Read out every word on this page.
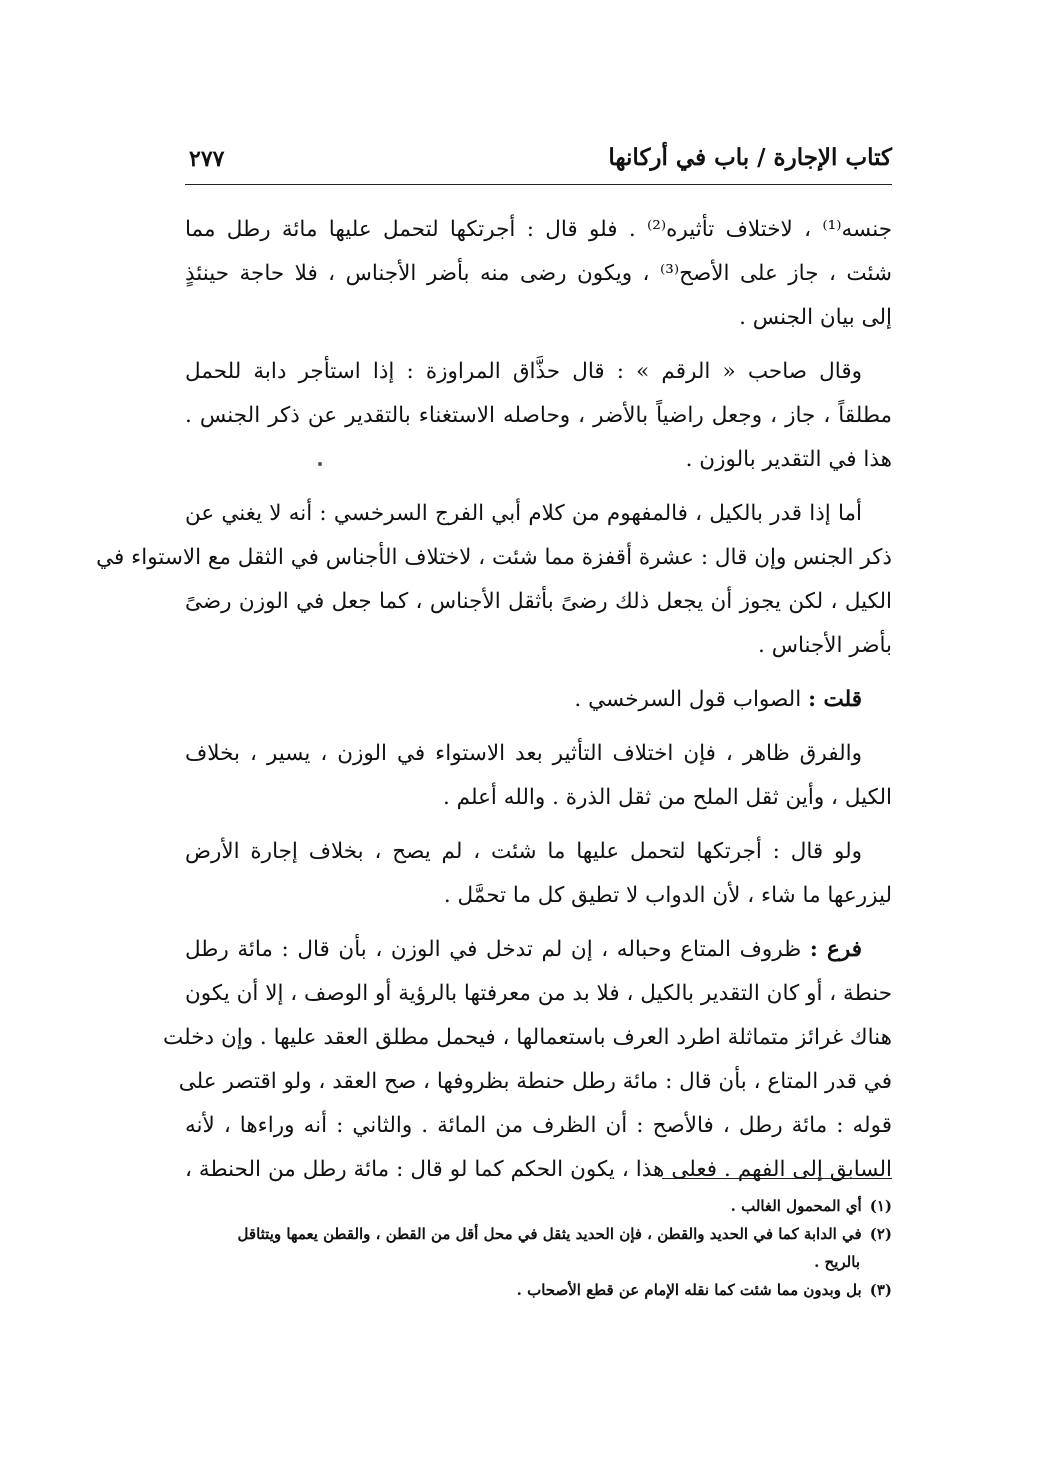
كتاب الإجارة / باب في أركانها
٢٧٧

جنسه⁽¹⁾ ، لاختلاف تأثيره⁽²⁾ . فلو قال : أجرتكها لتحمل عليها مائة رطل مما
شئت ، جاز على الأصح⁽³⁾ ، ويكون رضى منه بأضر الأجناس ، فلا حاجة حينئذٍ
إلى بيان الجنس .

وقال صاحب « الرقم » : قال حذَّاق المراوزة : إذا استأجر دابة للحمل
مطلقاً ، جاز ، وجعل راضياً بالأضر ، وحاصله الاستغناء بالتقدير عن ذكر الجنس .
هذا في التقدير بالوزن .

أما إذا قدر بالكيل ، فالمفهوم من كلام أبي الفرج السرخسي : أنه لا يغني عن
ذكر الجنس وإن قال : عشرة أقفزة مما شئت ، لاختلاف الأجناس في الثقل مع الاستواء في
الكيل ، لكن يجوز أن يجعل ذلك رضىً بأثقل الأجناس ، كما جعل في الوزن رضىً
بأضر الأجناس .

قلت : الصواب قول السرخسي .

والفرق ظاهر ، فإن اختلاف التأثير بعد الاستواء في الوزن ، يسير ، بخلاف
الكيل ، وأين ثقل الملح من ثقل الذرة . والله أعلم .

ولو قال : أجرتكها لتحمل عليها ما شئت ، لم يصح ، بخلاف إجارة الأرض
ليزرعها ما شاء ، لأن الدواب لا تطيق كل ما تحمَّل .

فرع : ظروف المتاع وحباله ، إن لم تدخل في الوزن ، بأن قال : مائة رطل
حنطة ، أو كان التقدير بالكيل ، فلا بد من معرفتها بالرؤية أو الوصف ، إلا أن يكون
هناك غرائز متماثلة اطرد العرف باستعمالها ، فيحمل مطلق العقد عليها . وإن دخلت
في قدر المتاع ، بأن قال : مائة رطل حنطة بظروفها ، صح العقد ، ولو اقتصر على
قوله : مائة رطل ، فالأصح : أن الظرف من المائة . والثاني : أنه وراءها ، لأنه
السابق إلى الفهم . فعلى هذا ، يكون الحكم كما لو قال : مائة رطل من الحنطة ،

(١)أي المحمول الغالب .
(٢)في الدابة كما في الحديد والقطن ، فإن الحديد يثقل في محل أقل من القطن ، والقطن يعمها ويتثاقل
بالريح .
(٣)بل وبدون مما شئت كما نقله الإمام عن قطع الأصحاب .
